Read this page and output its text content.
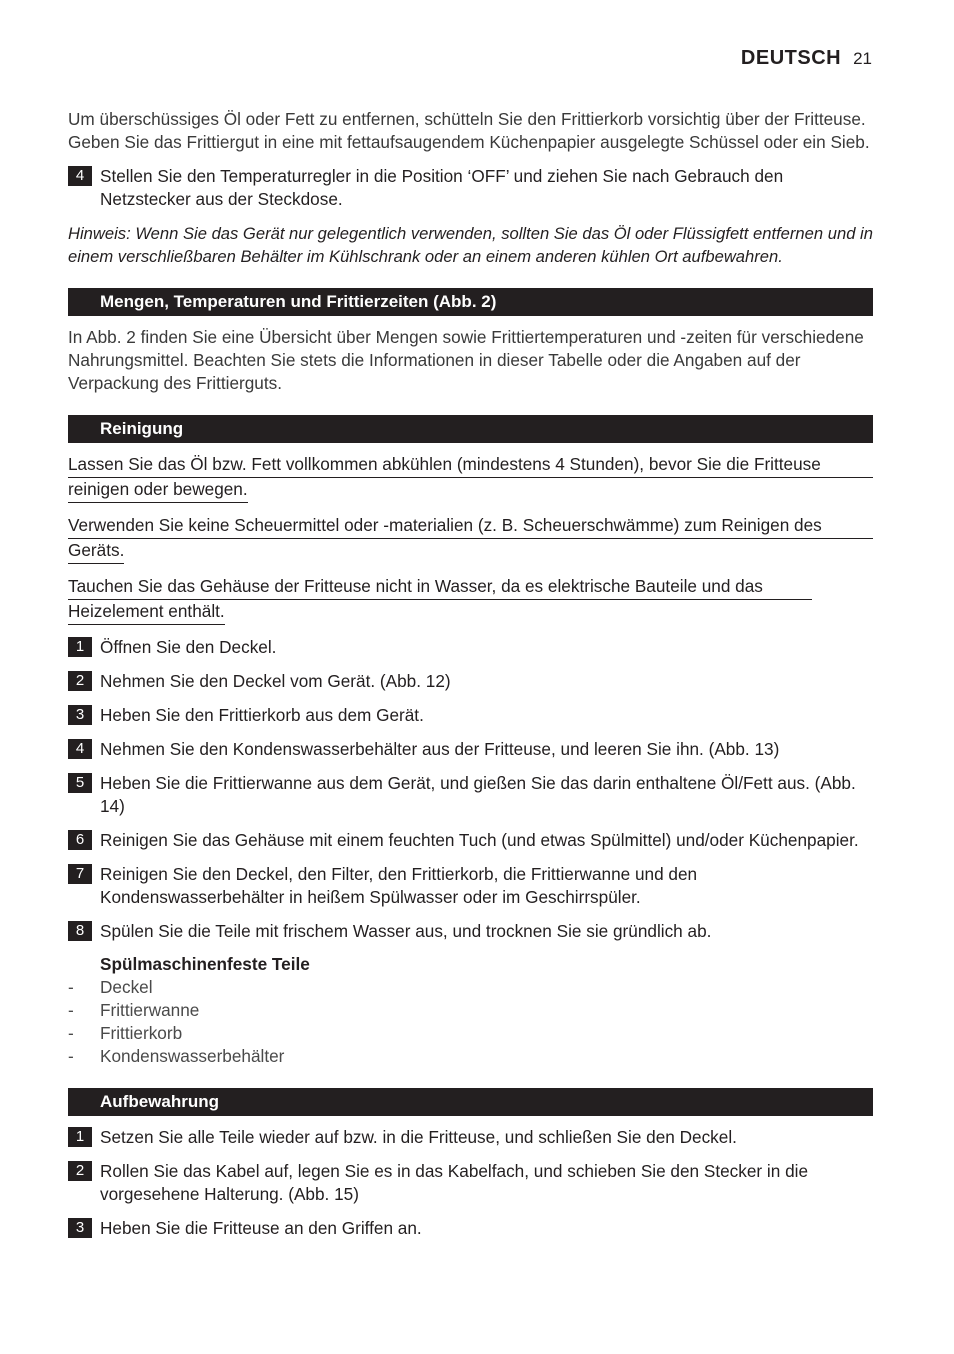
DEUTSCH 21

Um überschüssiges Öl oder Fett zu entfernen, schütteln Sie den Frittierkorb vorsichtig über der Fritteuse. Geben Sie das Frittiergut in eine mit fettaufsaugendem Küchenpapier ausgelegte Schüssel oder ein Sieb.

4 Stellen Sie den Temperaturregler in die Position ‘OFF’ und ziehen Sie nach Gebrauch den Netzstecker aus der Steckdose.

Hinweis: Wenn Sie das Gerät nur gelegentlich verwenden, sollten Sie das Öl oder Flüssigfett entfernen und in einem verschließbaren Behälter im Kühlschrank oder an einem anderen kühlen Ort aufbewahren.

Mengen, Temperaturen und Frittierzeiten (Abb. 2)

In Abb. 2 finden Sie eine Übersicht über Mengen sowie Frittiertemperaturen und -zeiten für verschiedene Nahrungsmittel. Beachten Sie stets die Informationen in dieser Tabelle oder die Angaben auf der Verpackung des Frittierguts.

Reinigung
Lassen Sie das Öl bzw. Fett vollkommen abkühlen (mindestens 4 Stunden), bevor Sie die Fritteuse
reinigen oder bewegen.
Verwenden Sie keine Scheuermittel oder -materialien (z. B. Scheuerschwämme) zum Reinigen des
Geräts.
Tauchen Sie das Gehäuse der Fritteuse nicht in Wasser, da es elektrische Bauteile und das
Heizelement enthält.
1 Öffnen Sie den Deckel.
2 Nehmen Sie den Deckel vom Gerät. (Abb. 12)
3 Heben Sie den Frittierkorb aus dem Gerät.
4 Nehmen Sie den Kondenswasserbehälter aus der Fritteuse, und leeren Sie ihn. (Abb. 13)
5 Heben Sie die Frittierwanne aus dem Gerät, und gießen Sie das darin enthaltene Öl/Fett aus. (Abb. 14)
6 Reinigen Sie das Gehäuse mit einem feuchten Tuch (und etwas Spülmittel) und/oder Küchenpapier.
7 Reinigen Sie den Deckel, den Filter, den Frittierkorb, die Frittierwanne und den Kondenswasserbehälter in heißem Spülwasser oder im Geschirrspüler.
8 Spülen Sie die Teile mit frischem Wasser aus, und trocknen Sie sie gründlich ab.
Spülmaschinenfeste Teile
-	Deckel
-	Frittierwanne
-	Frittierkorb
-	Kondenswasserbehälter
Aufbewahrung
1 Setzen Sie alle Teile wieder auf bzw. in die Fritteuse, und schließen Sie den Deckel.
2 Rollen Sie das Kabel auf, legen Sie es in das Kabelfach, und schieben Sie den Stecker in die vorgesehene Halterung. (Abb. 15)
3 Heben Sie die Fritteuse an den Griffen an.
